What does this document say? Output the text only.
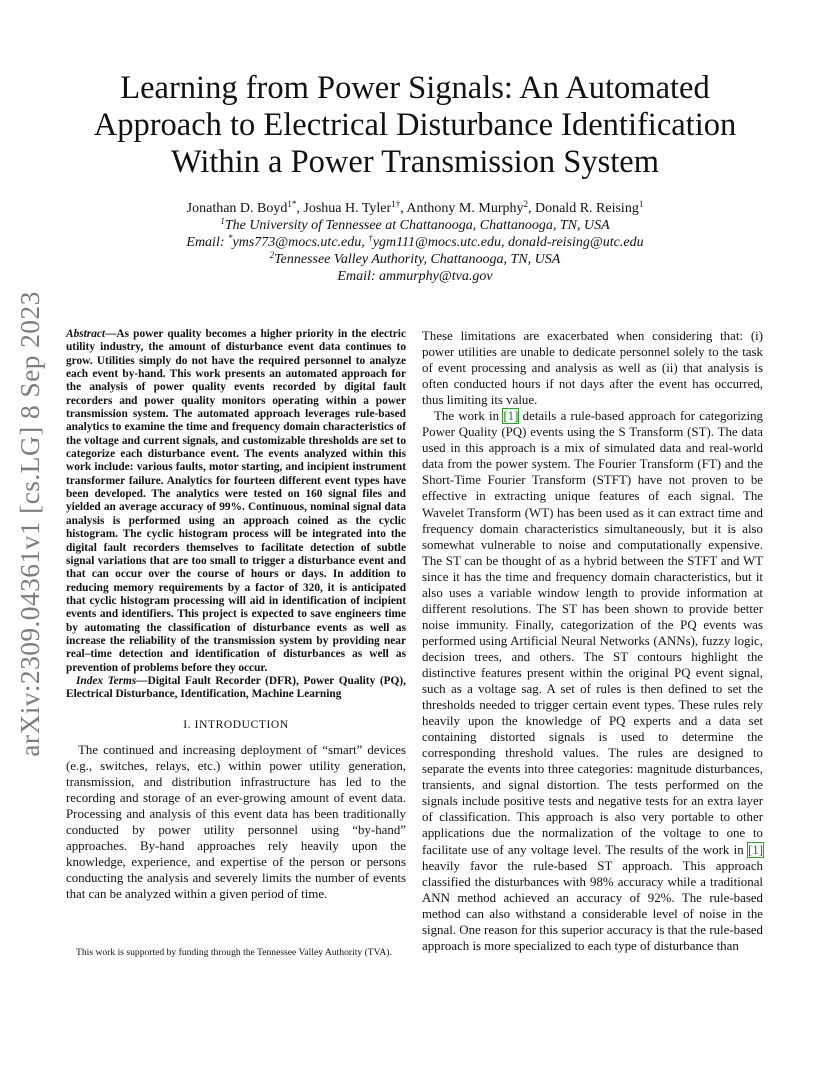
arXiv:2309.04361v1 [cs.LG] 8 Sep 2023
Learning from Power Signals: An Automated
Approach to Electrical Disturbance Identification
Within a Power Transmission System
Jonathan D. Boyd$^{1*}$, Joshua H. Tyler$^{1\dagger}$, Anthony M. Murphy$^2$, Donald R. Reising$^1$
$^1$The University of Tennessee at Chattanooga, Chattanooga, TN, USA
Email: *yms773@mocs.utc.edu, †ygm111@mocs.utc.edu, donald-reising@utc.edu
$^2$Tennessee Valley Authority, Chattanooga, TN, USA
Email: ammurphy@tva.gov

Abstract—As power quality becomes a higher priority in the electric utility industry, the amount of disturbance event data continues to grow. Utilities simply do not have the required personnel to analyze each event by-hand. This work presents an automated approach for the analysis of power quality events recorded by digital fault recorders and power quality monitors operating within a power transmission system. The automated approach leverages rule-based analytics to examine the time and frequency domain characteristics of the voltage and current signals, and customizable thresholds are set to categorize each disturbance event. The events analyzed within this work include: various faults, motor starting, and incipient instrument transformer failure. Analytics for fourteen different event types have been developed. The analytics were tested on 160 signal files and yielded an average accuracy of 99%. Continuous, nominal signal data analysis is performed using an approach coined as the cyclic histogram. The cyclic histogram process will be integrated into the digital fault recorders themselves to facilitate detection of subtle signal variations that are too small to trigger a disturbance event and that can occur over the course of hours or days. In addition to reducing memory requirements by a factor of 320, it is anticipated that cyclic histogram processing will aid in identification of incipient events and identifiers. This project is expected to save engineers time by automating the classification of disturbance events as well as increase the reliability of the transmission system by providing near real–time detection and identification of disturbances as well as prevention of problems before they occur.

Index Terms—Digital Fault Recorder (DFR), Power Quality (PQ), Electrical Disturbance, Identification, Machine Learning

I. INTRODUCTION

The continued and increasing deployment of “smart” devices (e.g., switches, relays, etc.) within power utility generation, transmission, and distribution infrastructure has led to the recording and storage of an ever-growing amount of event data. Processing and analysis of this event data has been traditionally conducted by power utility personnel using “by-hand” approaches. By-hand approaches rely heavily upon the knowledge, experience, and expertise of the person or persons conducting the analysis and severely limits the number of events that can be analyzed within a given period of time.

This work is supported by funding through the Tennessee Valley Authority (TVA).

These limitations are exacerbated when considering that: (i) power utilities are unable to dedicate personnel solely to the task of event processing and analysis as well as (ii) that analysis is often conducted hours if not days after the event has occurred, thus limiting its value.

The work in [1] details a rule-based approach for categorizing Power Quality (PQ) events using the S Transform (ST). The data used in this approach is a mix of simulated data and real-world data from the power system. The Fourier Transform (FT) and the Short-Time Fourier Transform (STFT) have not proven to be effective in extracting unique features of each signal. The Wavelet Transform (WT) has been used as it can extract time and frequency domain characteristics simultaneously, but it is also somewhat vulnerable to noise and computationally expensive. The ST can be thought of as a hybrid between the STFT and WT since it has the time and frequency domain characteristics, but it also uses a variable window length to provide information at different resolutions. The ST has been shown to provide better noise immunity. Finally, categorization of the PQ events was performed using Artificial Neural Networks (ANNs), fuzzy logic, decision trees, and others. The ST contours highlight the distinctive features present within the original PQ event signal, such as a voltage sag. A set of rules is then defined to set the thresholds needed to trigger certain event types. These rules rely heavily upon the knowledge of PQ experts and a data set containing distorted signals is used to determine the corresponding threshold values. The rules are designed to separate the events into three categories: magnitude disturbances, transients, and signal distortion. The tests performed on the signals include positive tests and negative tests for an extra layer of classification. This approach is also very portable to other applications due the normalization of the voltage to one to facilitate use of any voltage level. The results of the work in [1] heavily favor the rule-based ST approach. This approach classified the disturbances with 98% accuracy while a traditional ANN method achieved an accuracy of 92%. The rule-based method can also withstand a considerable level of noise in the signal. One reason for this superior accuracy is that the rule-based approach is more specialized to each type of disturbance than
